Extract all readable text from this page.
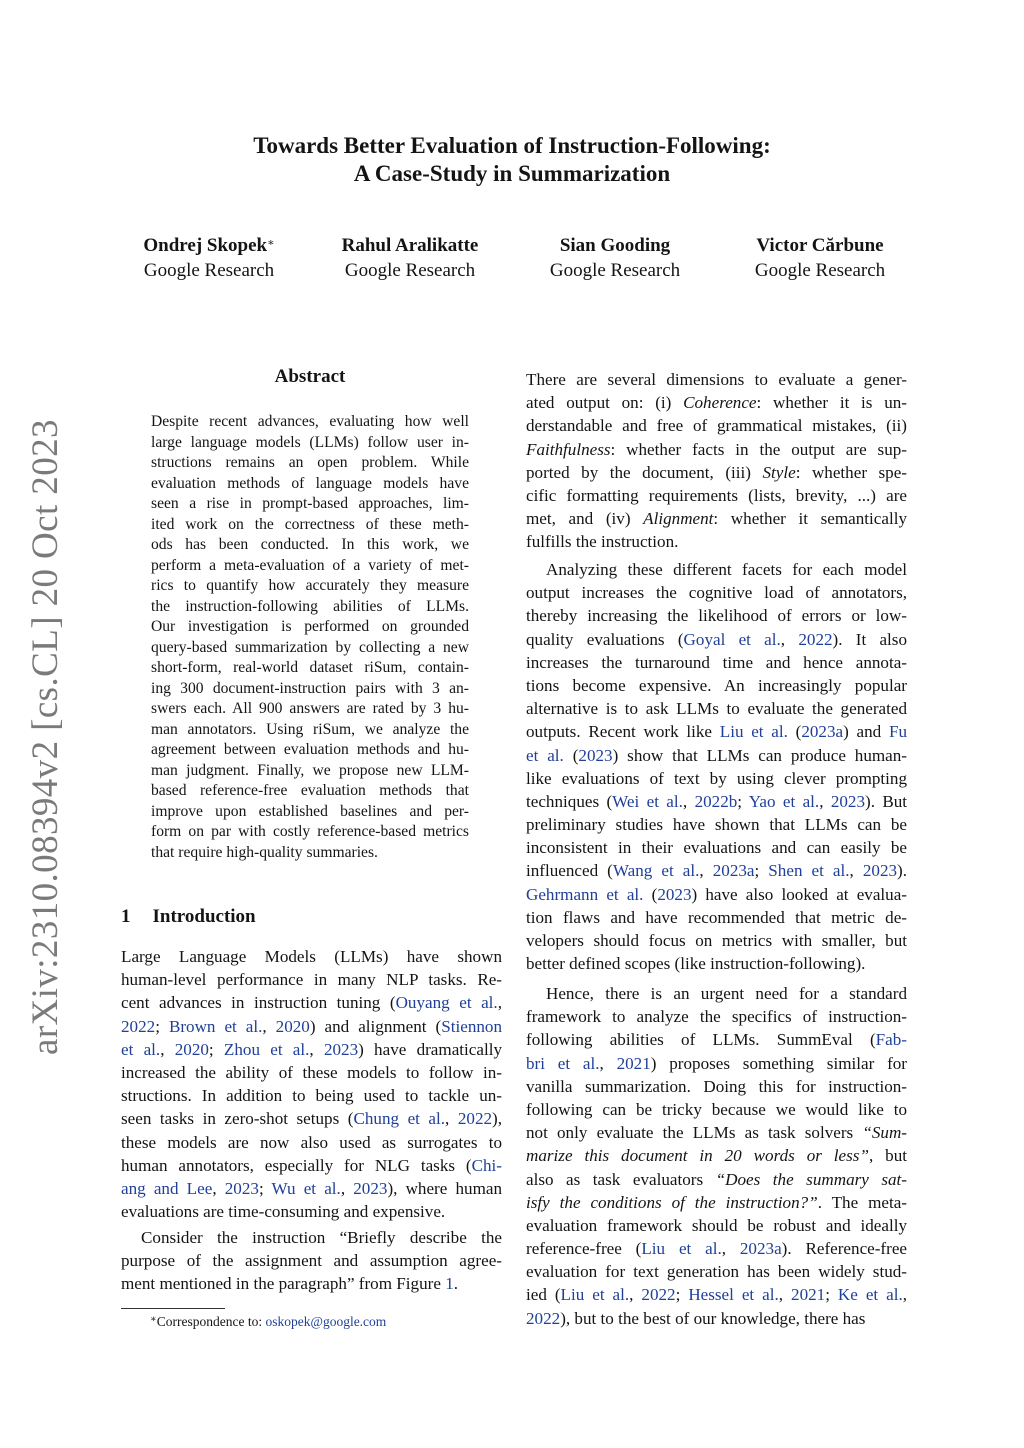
Towards Better Evaluation of Instruction-Following:
A Case-Study in Summarization
Ondrej Skopek∗
Google Research
Rahul Aralikatte
Google Research
Sian Gooding
Google Research
Victor Cărbune
Google Research
arXiv:2310.08394v2 [cs.CL] 20 Oct 2023
Abstract
Despite recent advances, evaluating how well
large language models (LLMs) follow user in-
structions remains an open problem. While
evaluation methods of language models have
seen a rise in prompt-based approaches, lim-
ited work on the correctness of these meth-
ods has been conducted. In this work, we
perform a meta-evaluation of a variety of met-
rics to quantify how accurately they measure
the instruction-following abilities of LLMs.
Our investigation is performed on grounded
query-based summarization by collecting a new
short-form, real-world dataset riSum, contain-
ing 300 document-instruction pairs with 3 an-
swers each. All 900 answers are rated by 3 hu-
man annotators. Using riSum, we analyze the
agreement between evaluation methods and hu-
man judgment. Finally, we propose new LLM-
based reference-free evaluation methods that
improve upon established baselines and per-
form on par with costly reference-based metrics
that require high-quality summaries.
1 Introduction
Large Language Models (LLMs) have shown
human-level performance in many NLP tasks. Re-
cent advances in instruction tuning (Ouyang et al.,
2022; Brown et al., 2020) and alignment (Stiennon
et al., 2020; Zhou et al., 2023) have dramatically
increased the ability of these models to follow in-
structions. In addition to being used to tackle un-
seen tasks in zero-shot setups (Chung et al., 2022),
these models are now also used as surrogates to
human annotators, especially for NLG tasks (Chi-
ang and Lee, 2023; Wu et al., 2023), where human
evaluations are time-consuming and expensive.
Consider the instruction “Briefly describe the
purpose of the assignment and assumption agree-
ment mentioned in the paragraph” from Figure 1.
There are several dimensions to evaluate a gener-
ated output on: (i) Coherence: whether it is un-
derstandable and free of grammatical mistakes, (ii)
Faithfulness: whether facts in the output are sup-
ported by the document, (iii) Style: whether spe-
cific formatting requirements (lists, brevity, ...) are
met, and (iv) Alignment: whether it semantically
fulfills the instruction.
Analyzing these different facets for each model
output increases the cognitive load of annotators,
thereby increasing the likelihood of errors or low-
quality evaluations (Goyal et al., 2022). It also
increases the turnaround time and hence annota-
tions become expensive. An increasingly popular
alternative is to ask LLMs to evaluate the generated
outputs. Recent work like Liu et al. (2023a) and Fu
et al. (2023) show that LLMs can produce human-
like evaluations of text by using clever prompting
techniques (Wei et al., 2022b; Yao et al., 2023). But
preliminary studies have shown that LLMs can be
inconsistent in their evaluations and can easily be
influenced (Wang et al., 2023a; Shen et al., 2023).
Gehrmann et al. (2023) have also looked at evalua-
tion flaws and have recommended that metric de-
velopers should focus on metrics with smaller, but
better defined scopes (like instruction-following).
Hence, there is an urgent need for a standard
framework to analyze the specifics of instruction-
following abilities of LLMs. SummEval (Fab-
bri et al., 2021) proposes something similar for
vanilla summarization. Doing this for instruction-
following can be tricky because we would like to
not only evaluate the LLMs as task solvers “Sum-
marize this document in 20 words or less”, but
also as task evaluators “Does the summary sat-
isfy the conditions of the instruction?”. The meta-
evaluation framework should be robust and ideally
reference-free (Liu et al., 2023a). Reference-free
evaluation for text generation has been widely stud-
ied (Liu et al., 2022; Hessel et al., 2021; Ke et al.,
2022), but to the best of our knowledge, there has
∗Correspondence to: oskopek@google.com
